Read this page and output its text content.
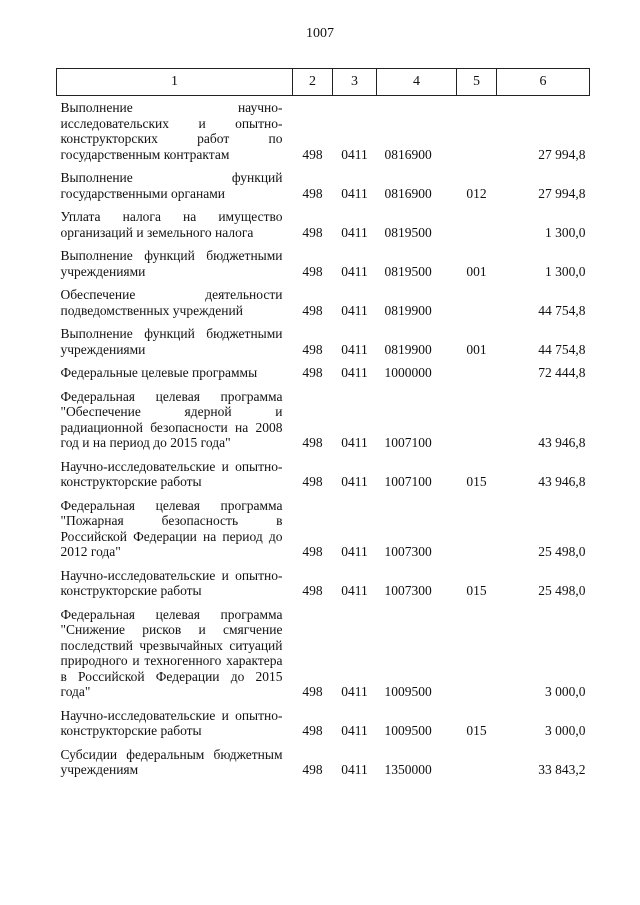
1007
1	2	3	4	5	6
Выполнение научно-исследовательских и опытно-конструкторских работ по государственным контрактам	498	0411	0816900		27 994,8
Выполнение функций государственными органами	498	0411	0816900	012	27 994,8
Уплата налога на имущество организаций и земельного налога	498	0411	0819500		1 300,0
Выполнение функций бюджетными учреждениями	498	0411	0819500	001	1 300,0
Обеспечение деятельности подведомственных учреждений	498	0411	0819900		44 754,8
Выполнение функций бюджетными учреждениями	498	0411	0819900	001	44 754,8
Федеральные целевые программы	498	0411	1000000		72 444,8
Федеральная целевая программа "Обеспечение ядерной и радиационной безопасности на 2008 год и на период до 2015 года"	498	0411	1007100		43 946,8
Научно-исследовательские и опытно-конструкторские работы	498	0411	1007100	015	43 946,8
Федеральная целевая программа "Пожарная безопасность в Российской Федерации на период до 2012 года"	498	0411	1007300		25 498,0
Научно-исследовательские и опытно-конструкторские работы	498	0411	1007300	015	25 498,0
Федеральная целевая программа "Снижение рисков и смягчение последствий чрезвычайных ситуаций природного и техногенного характера в Российской Федерации до 2015 года"	498	0411	1009500		3 000,0
Научно-исследовательские и опытно-конструкторские работы	498	0411	1009500	015	3 000,0
Субсидии федеральным бюджетным учреждениям	498	0411	1350000		33 843,2
